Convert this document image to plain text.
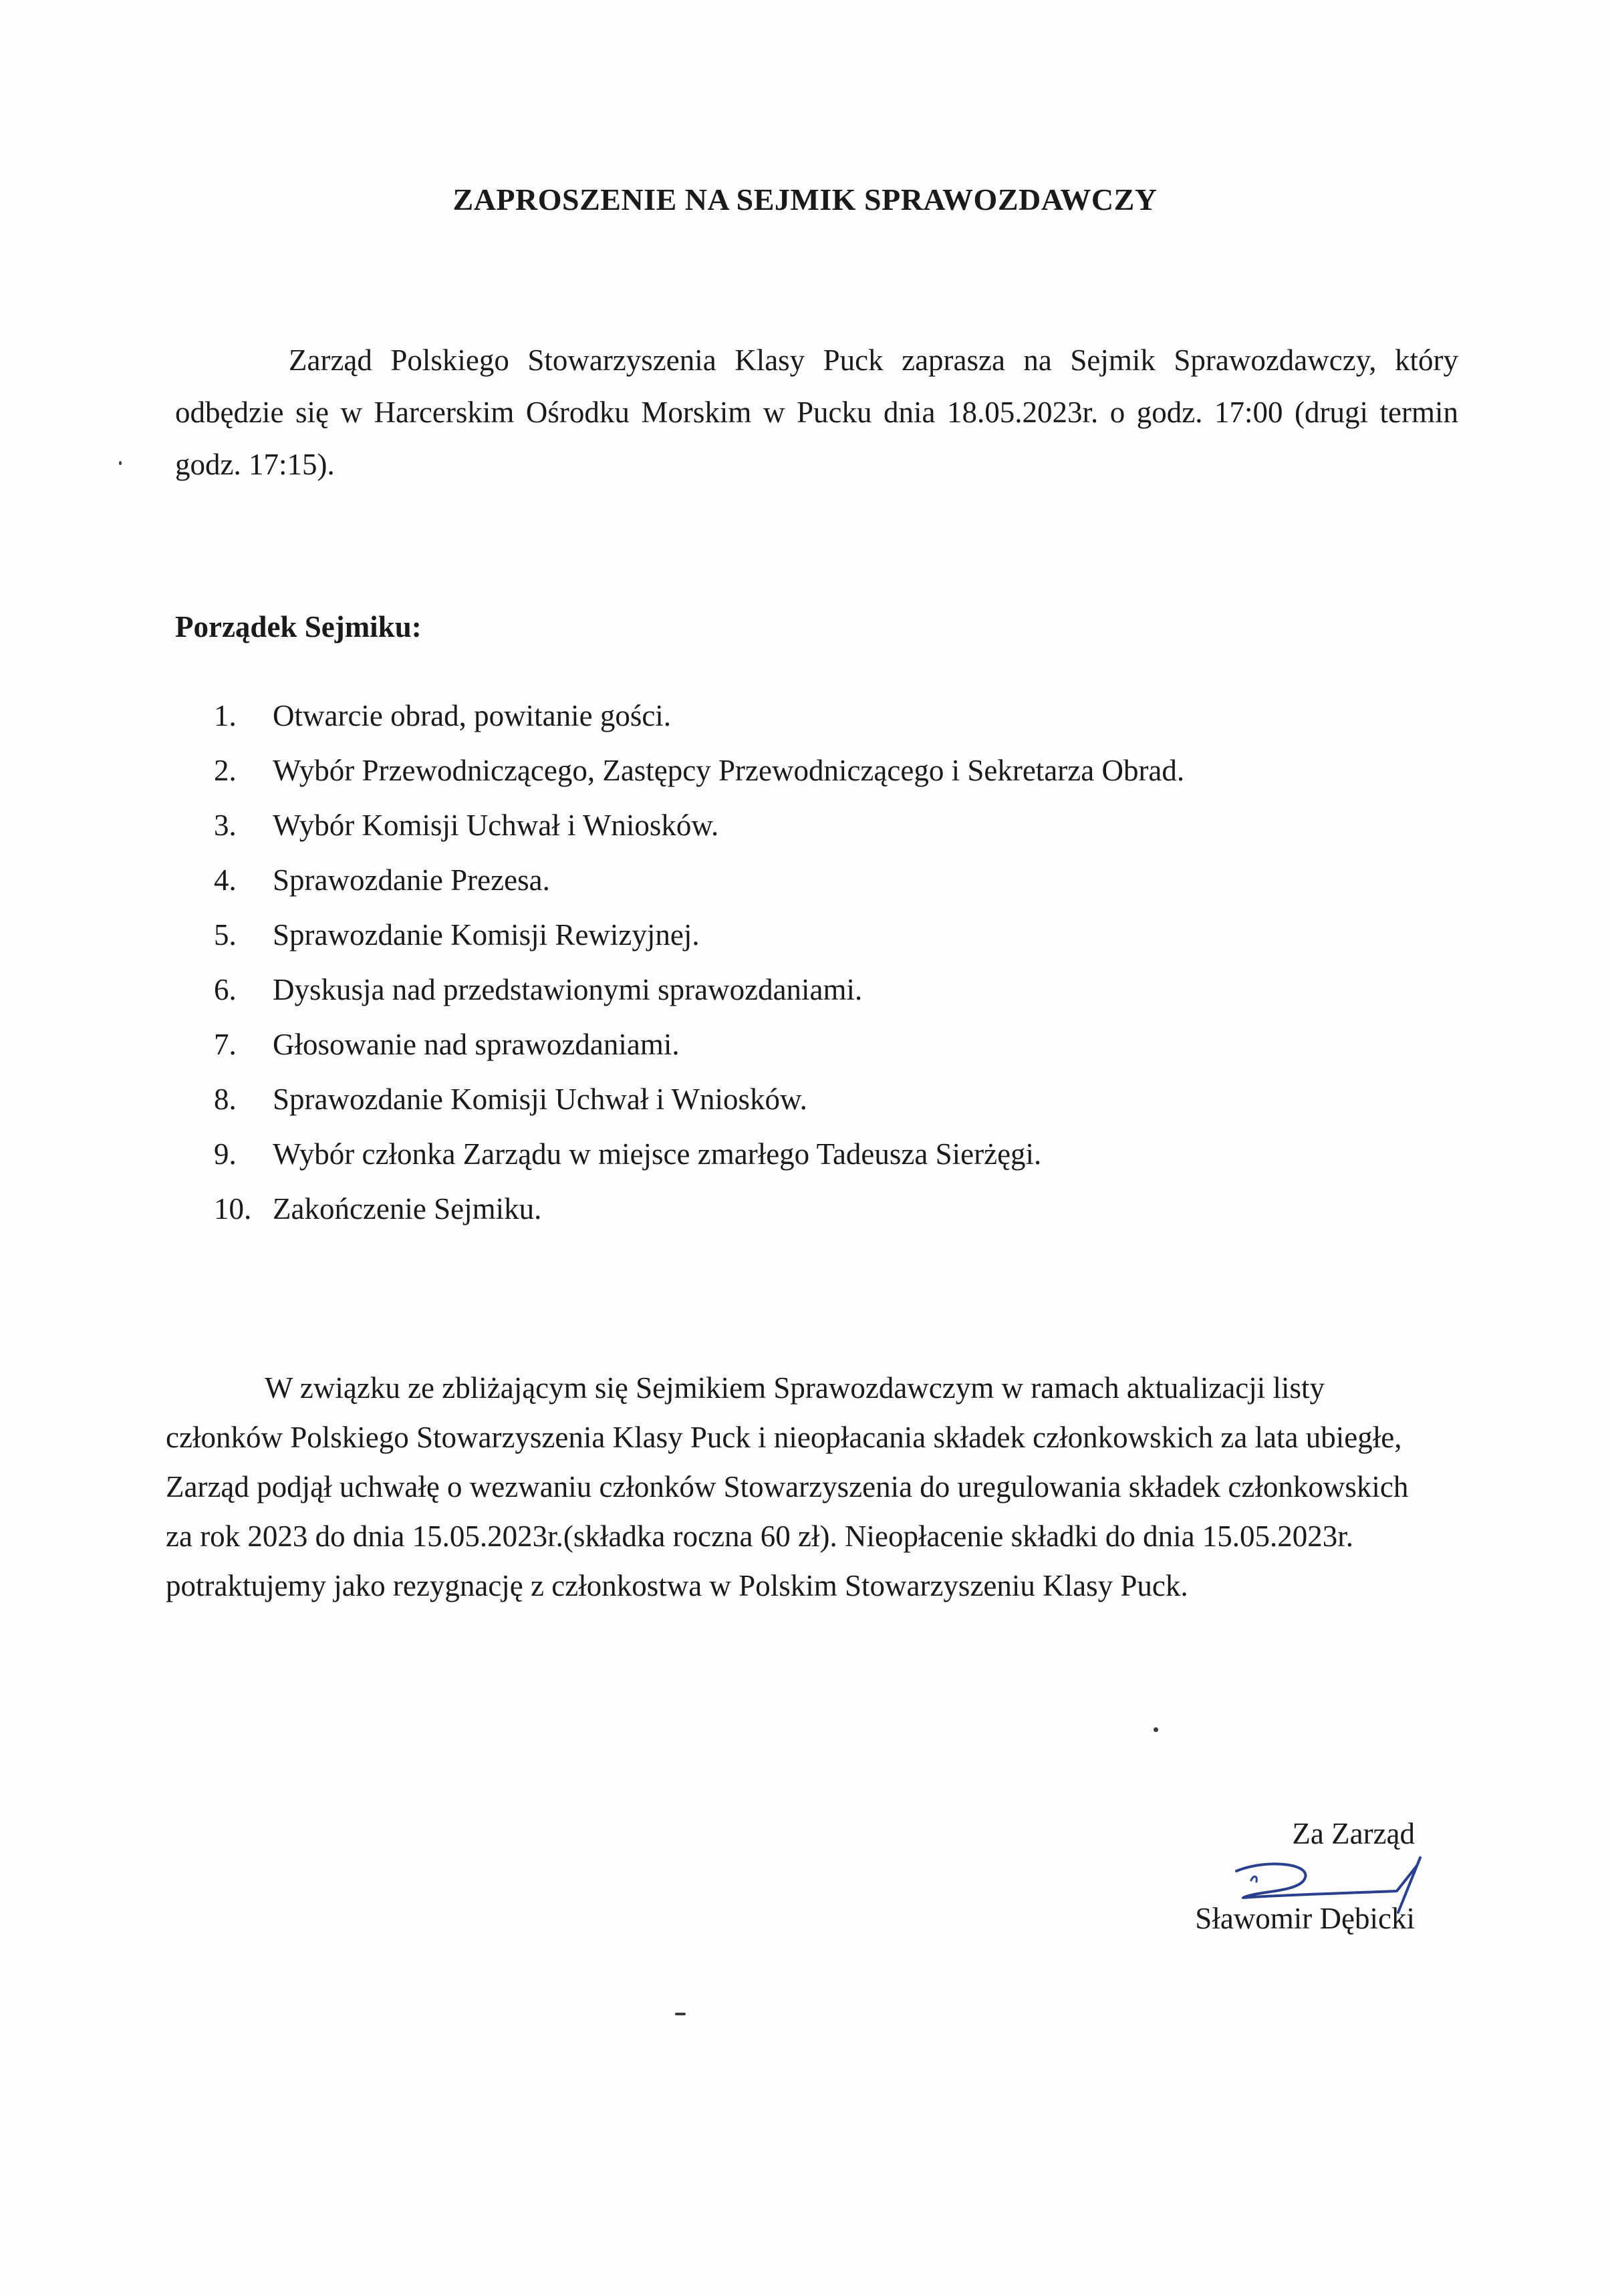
ZAPROSZENIE NA SEJMIK SPRAWOZDAWCZY

Zarząd Polskiego Stowarzyszenia Klasy Puck zaprasza na Sejmik Sprawozdawczy, który odbędzie się w Harcerskim Ośrodku Morskim w Pucku dnia 18.05.2023r. o godz. 17:00 (drugi termin godz. 17:15).

Porządek Sejmiku:
1.	Otwarcie obrad, powitanie gości.
2.	Wybór Przewodniczącego, Zastępcy Przewodniczącego i Sekretarza Obrad.
3.	Wybór Komisji Uchwał i Wniosków.
4.	Sprawozdanie Prezesa.
5.	Sprawozdanie Komisji Rewizyjnej.
6.	Dyskusja nad przedstawionymi sprawozdaniami.
7.	Głosowanie nad sprawozdaniami.
8.	Sprawozdanie Komisji Uchwał i Wniosków.
9.	Wybór członka Zarządu w miejsce zmarłego Tadeusza Sierżęgi.
10. Zakończenie Sejmiku.

W związku ze zbliżającym się Sejmikiem Sprawozdawczym w ramach aktualizacji listy członków Polskiego Stowarzyszenia Klasy Puck i nieopłacania składek członkowskich za lata ubiegłe, Zarząd podjął uchwałę o wezwaniu członków Stowarzyszenia do uregulowania składek członkowskich za rok 2023 do dnia 15.05.2023r.(składka roczna 60 zł). Nieopłacenie składki do dnia 15.05.2023r. potraktujemy jako rezygnację z członkostwa w Polskim Stowarzyszeniu Klasy Puck.

Za Zarząd
Sławomir Dębicki
